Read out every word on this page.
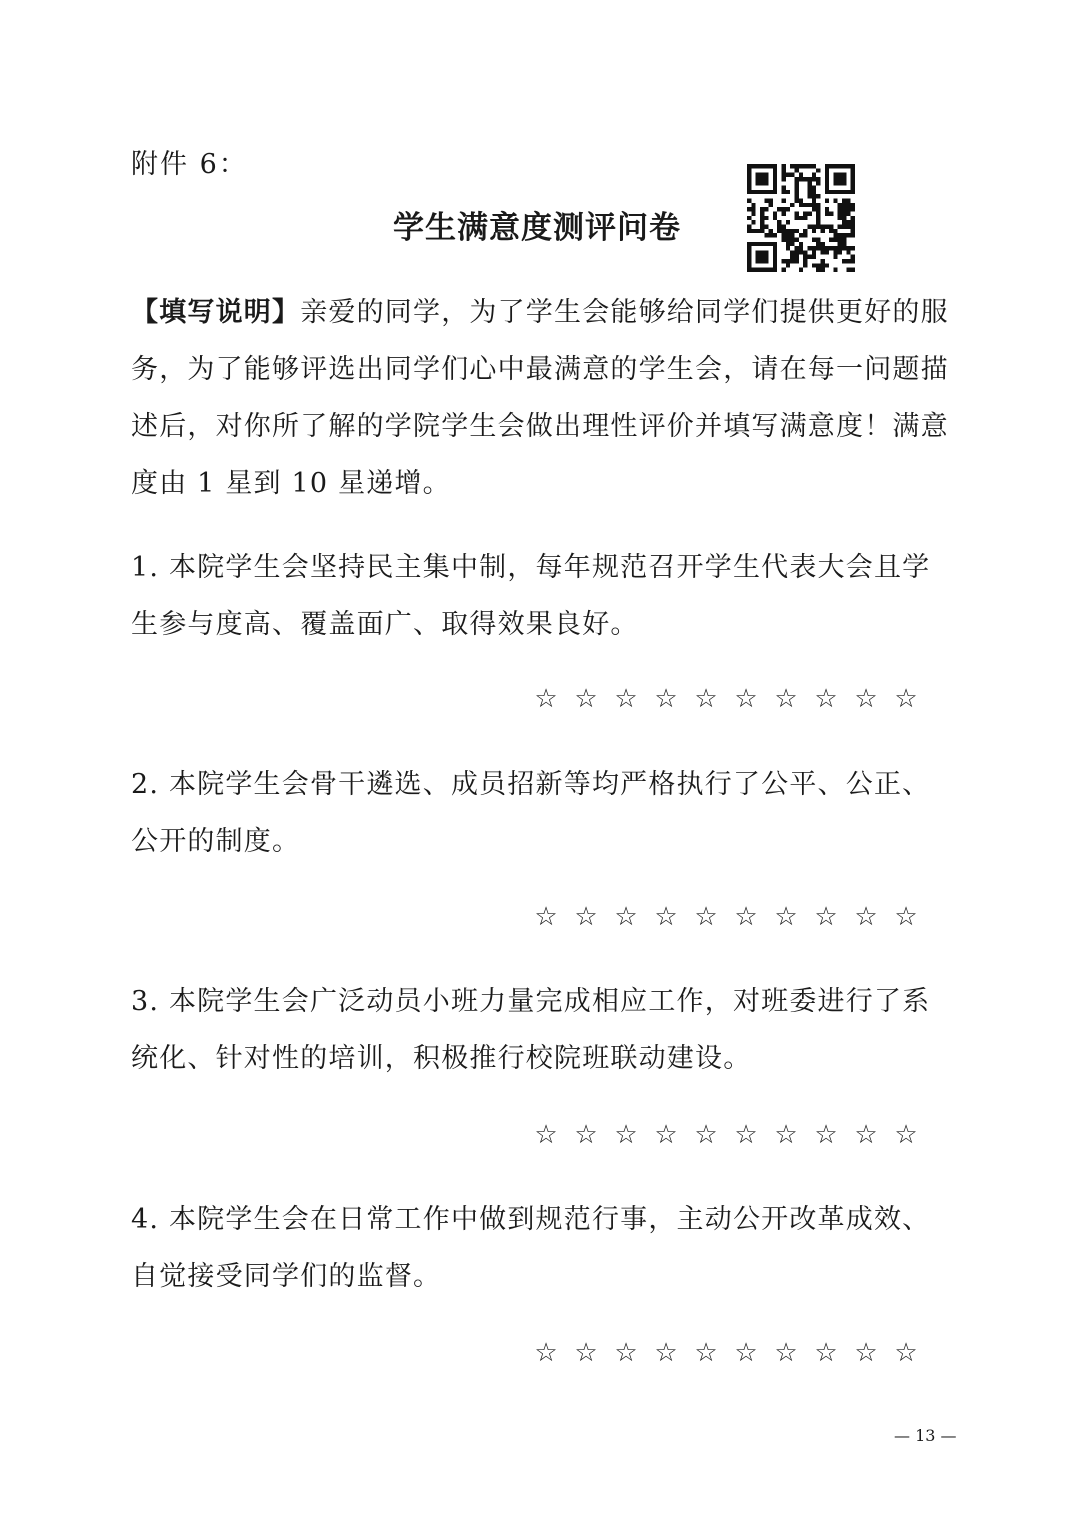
附件 6：
学生满意度测评问卷
【填写说明】亲爱的同学，为了学生会能够给同学们提供更好的服务，为了能够评选出同学们心中最满意的学生会，请在每一问题描述后，对你所了解的学院学生会做出理性评价并填写满意度！满意度由 1 星到 10 星递增。
1. 本院学生会坚持民主集中制，每年规范召开学生代表大会且学生参与度高、覆盖面广、取得效果良好。
☆ ☆ ☆ ☆ ☆ ☆ ☆ ☆ ☆ ☆
2. 本院学生会骨干遴选、成员招新等均严格执行了公平、公正、公开的制度。
☆ ☆ ☆ ☆ ☆ ☆ ☆ ☆ ☆ ☆
3. 本院学生会广泛动员小班力量完成相应工作，对班委进行了系　统化、针对性的培训，积极推行校院班联动建设。
☆ ☆ ☆ ☆ ☆ ☆ ☆ ☆ ☆ ☆
4. 本院学生会在日常工作中做到规范行事，主动公开改革成效、自觉接受同学们的监督。
☆ ☆ ☆ ☆ ☆ ☆ ☆ ☆ ☆ ☆
— 13 —
